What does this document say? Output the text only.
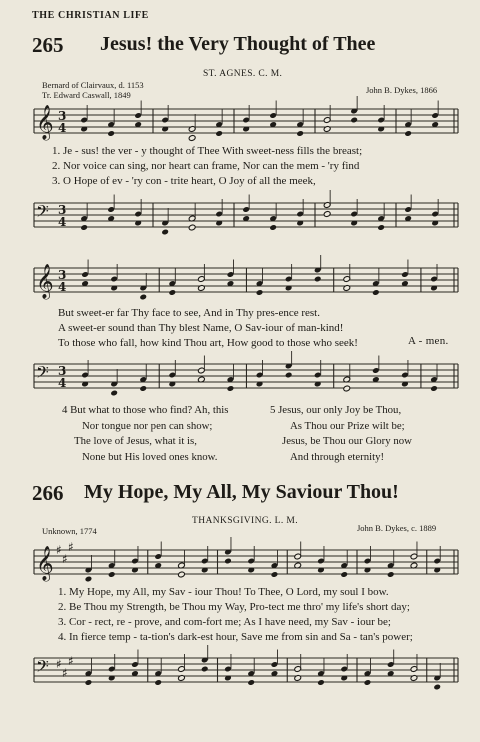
THE CHRISTIAN LIFE
265 Jesus! the Very Thought of Thee
ST. AGNES. C. M.
Bernard of Clairvaux, d. 1153
Tr. Edward Caswall, 1849	John B. Dykes, 1866
𝄞 3
4
1. Je - sus! the ver - y thought of Thee With sweet-ness fills the breast;
2. Nor voice can sing, nor heart can frame, Nor can the mem - 'ry find
3. O Hope of ev - 'ry con - trite heart, O Joy of all the meek,
𝄢 3
4
𝄞 3
4
But sweet-er far Thy face to see, And in Thy pres-ence rest.
A sweet-er sound than Thy blest Name, O Sav-iour of man-kind!
To those who fall, how kind Thou art, How good to those who seek!	A - men.
𝄢 3
4
4 But what to those who find? Ah, this
Nor tongue nor pen can show;
The love of Jesus, what it is,
None but His loved ones know.
5 Jesus, our only Joy be Thou,
As Thou our Prize wilt be;
Jesus, be Thou our Glory now
And through eternity!
266 My Hope, My All, My Saviour Thou!
THANKSGIVING. L. M.
Unknown, 1774	John B. Dykes, c. 1889
𝄞 ♯
♯
♯
1. My Hope, my All, my Sav - iour Thou! To Thee, O Lord, my soul I bow.
2. Be Thou my Strength, be Thou my Way, Pro-tect me thro' my life's short day;
3. Cor - rect, re - prove, and com-fort me; As I have need, my Sav - iour be;
4. In fierce temp - ta-tion's dark-est hour, Save me from sin and Sa - tan's power;
𝄢 ♯
♯
♯
